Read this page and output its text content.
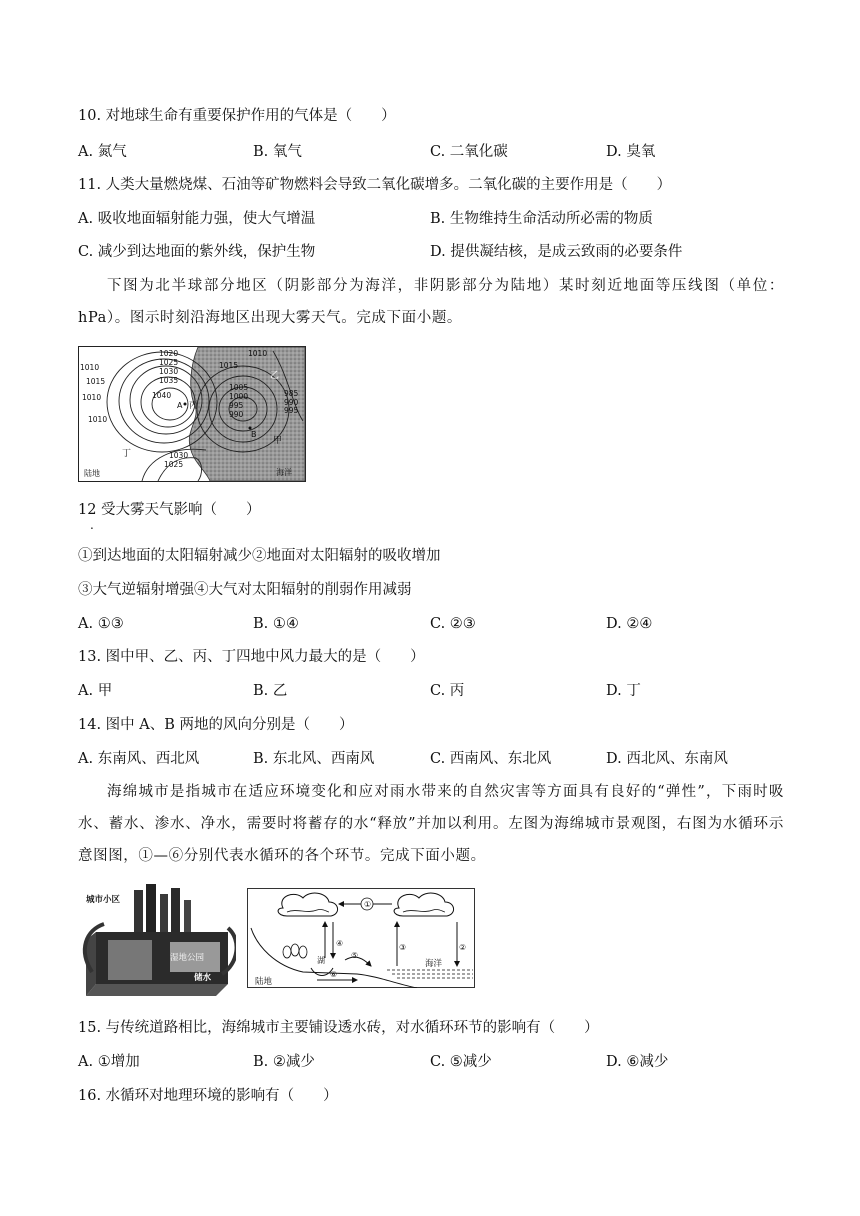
10. 对地球生命有重要保护作用的气体是（　　）
A. 氮气	B. 氧气	C. 二氧化碳	D. 臭氧
11. 人类大量燃烧煤、石油等矿物燃料会导致二氧化碳增多。二氧化碳的主要作用是（　　）
A. 吸收地面辐射能力强，使大气增温	B. 生物维持生命活动所必需的物质
C. 减少到达地面的紫外线，保护生物	D. 提供凝结核，是成云致雨的必要条件
下图为北半球部分地区（阴影部分为海洋，非阴影部分为陆地）某时刻近地面等压线图（单位：hPa）。图示时刻沿海地区出现大雾天气。完成下面小题。
1020
1025
1030
1035
1040
1010
1015
1010
1010
1015
1030
1025
1010
1005
1000
995
990
985
990
995
A
B
乙
丙
甲
丁
陆地	海洋
12 受大雾天气影响（　　）
.
①到达地面的太阳辐射减少②地面对太阳辐射的吸收增加
③大气逆辐射增强④大气对太阳辐射的削弱作用减弱
A. ①③	B. ①④	C. ②③	D. ②④
13. 图中甲、乙、丙、丁四地中风力最大的是（　　）
A. 甲	B. 乙	C. 丙	D. 丁
14. 图中 A、B 两地的风向分别是（　　）
A. 东南风、西北风	B. 东北风、西南风	C. 西南风、东北风	D. 西北风、东南风
海绵城市是指城市在适应环境变化和应对雨水带来的自然灾害等方面具有良好的“弹性”，下雨时吸水、蓄水、渗水、净水，需要时将蓄存的水“释放”并加以利用。左图为海绵城市景观图，右图为水循环示意图图，①—⑥分别代表水循环的各个环节。完成下面小题。
城市小区
湿地公园
储水
①
湖
④
⑤
⑥
③	②
陆地
海洋
15. 与传统道路相比，海绵城市主要铺设透水砖，对水循环环节的影响有（　　）
A. ①增加	B. ②减少	C. ⑤减少	D. ⑥减少
16. 水循环对地理环境的影响有（　　）
